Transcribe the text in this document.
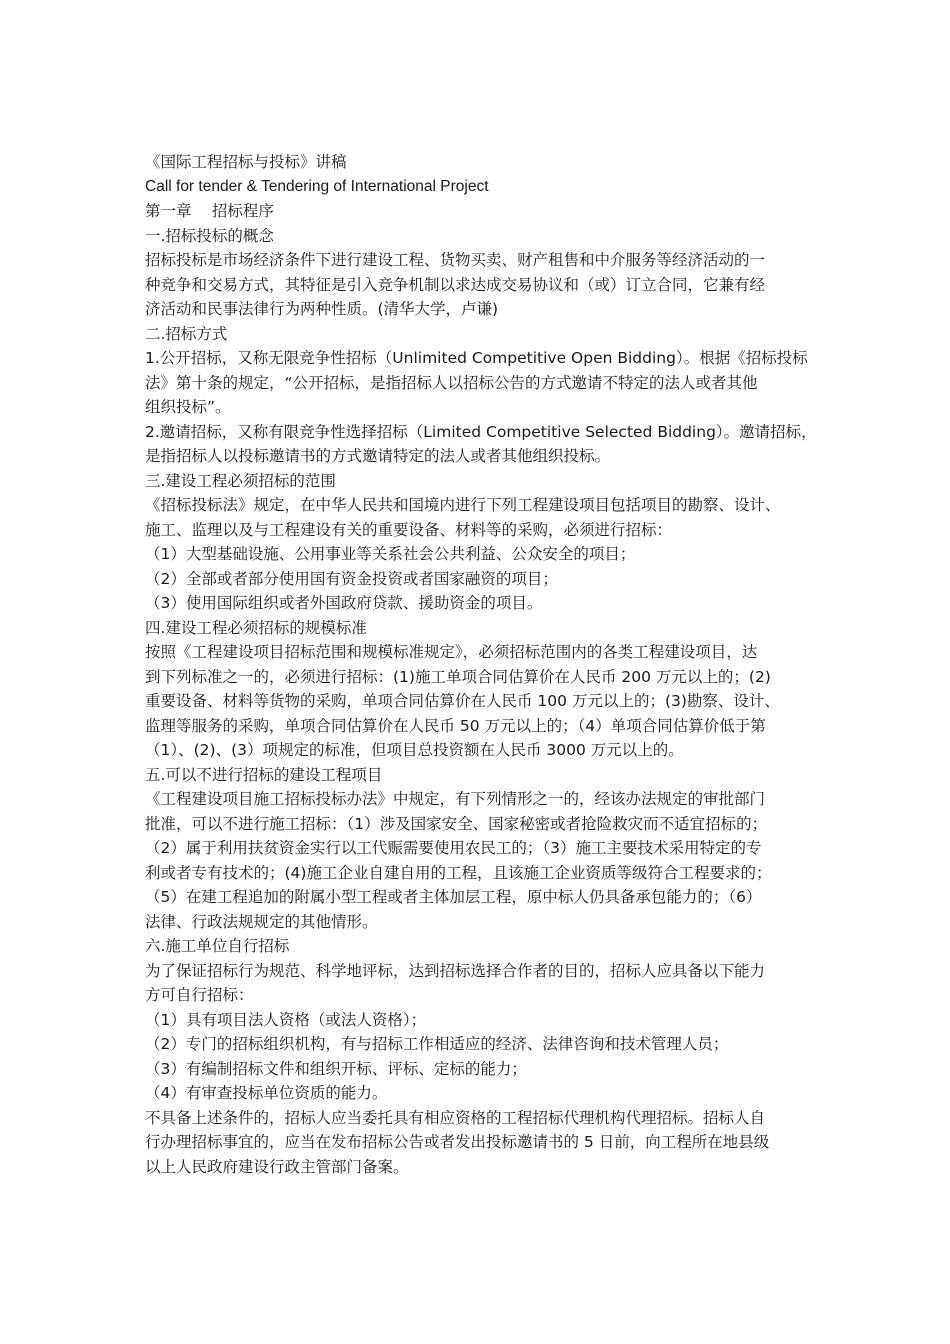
《国际工程招标与投标》讲稿

Call for tender & Tendering of International Project

第一章　 招标程序

一.招标投标的概念

招标投标是市场经济条件下进行建设工程、货物买卖、财产租售和中介服务等经济活动的一

种竞争和交易方式，其特征是引入竞争机制以求达成交易协议和（或）订立合同，它兼有经

济活动和民事法律行为两种性质。(清华大学，卢谦)

二.招标方式

1.公开招标，又称无限竞争性招标（Unlimited Competitive Open Bidding）。根据《招标投标

法》第十条的规定，“公开招标，是指招标人以招标公告的方式邀请不特定的法人或者其他

组织投标”。

2.邀请招标，又称有限竞争性选择招标（Limited Competitive Selected Bidding）。邀请招标，

是指招标人以投标邀请书的方式邀请特定的法人或者其他组织投标。

三.建设工程必须招标的范围

《招标投标法》规定，在中华人民共和国境内进行下列工程建设项目包括项目的勘察、设计、

施工、监理以及与工程建设有关的重要设备、材料等的采购，必须进行招标：

（1）大型基础设施、公用事业等关系社会公共利益、公众安全的项目；

（2）全部或者部分使用国有资金投资或者国家融资的项目；

（3）使用国际组织或者外国政府贷款、援助资金的项目。

四.建设工程必须招标的规模标准

按照《工程建设项目招标范围和规模标准规定》，必须招标范围内的各类工程建设项目，达

到下列标准之一的，必须进行招标：(1)施工单项合同估算价在人民币 200 万元以上的；(2)

重要设备、材料等货物的采购，单项合同估算价在人民币 100 万元以上的；(3)勘察、设计、

监理等服务的采购，单项合同估算价在人民币 50 万元以上的；（4）单项合同估算价低于第

（1）、(2)、(3）项规定的标准，但项目总投资额在人民币 3000 万元以上的。

五.可以不进行招标的建设工程项目

《工程建设项目施工招标投标办法》中规定，有下列情形之一的，经该办法规定的审批部门

批准，可以不进行施工招标：（1）涉及国家安全、国家秘密或者抢险救灾而不适宜招标的；

（2）属于利用扶贫资金实行以工代赈需要使用农民工的；（3）施工主要技术采用特定的专

利或者专有技术的；(4)施工企业自建自用的工程，且该施工企业资质等级符合工程要求的；

（5）在建工程追加的附属小型工程或者主体加层工程，原中标人仍具备承包能力的；（6）

法律、行政法规规定的其他情形。

六.施工单位自行招标

为了保证招标行为规范、科学地评标，达到招标选择合作者的目的，招标人应具备以下能力

方可自行招标：

（1）具有项目法人资格（或法人资格）；

（2）专门的招标组织机构，有与招标工作相适应的经济、法律咨询和技术管理人员；

（3）有编制招标文件和组织开标、评标、定标的能力；

（4）有审查投标单位资质的能力。

不具备上述条件的，招标人应当委托具有相应资格的工程招标代理机构代理招标。招标人自

行办理招标事宜的，应当在发布招标公告或者发出投标邀请书的 5 日前，向工程所在地县级

以上人民政府建设行政主管部门备案。
